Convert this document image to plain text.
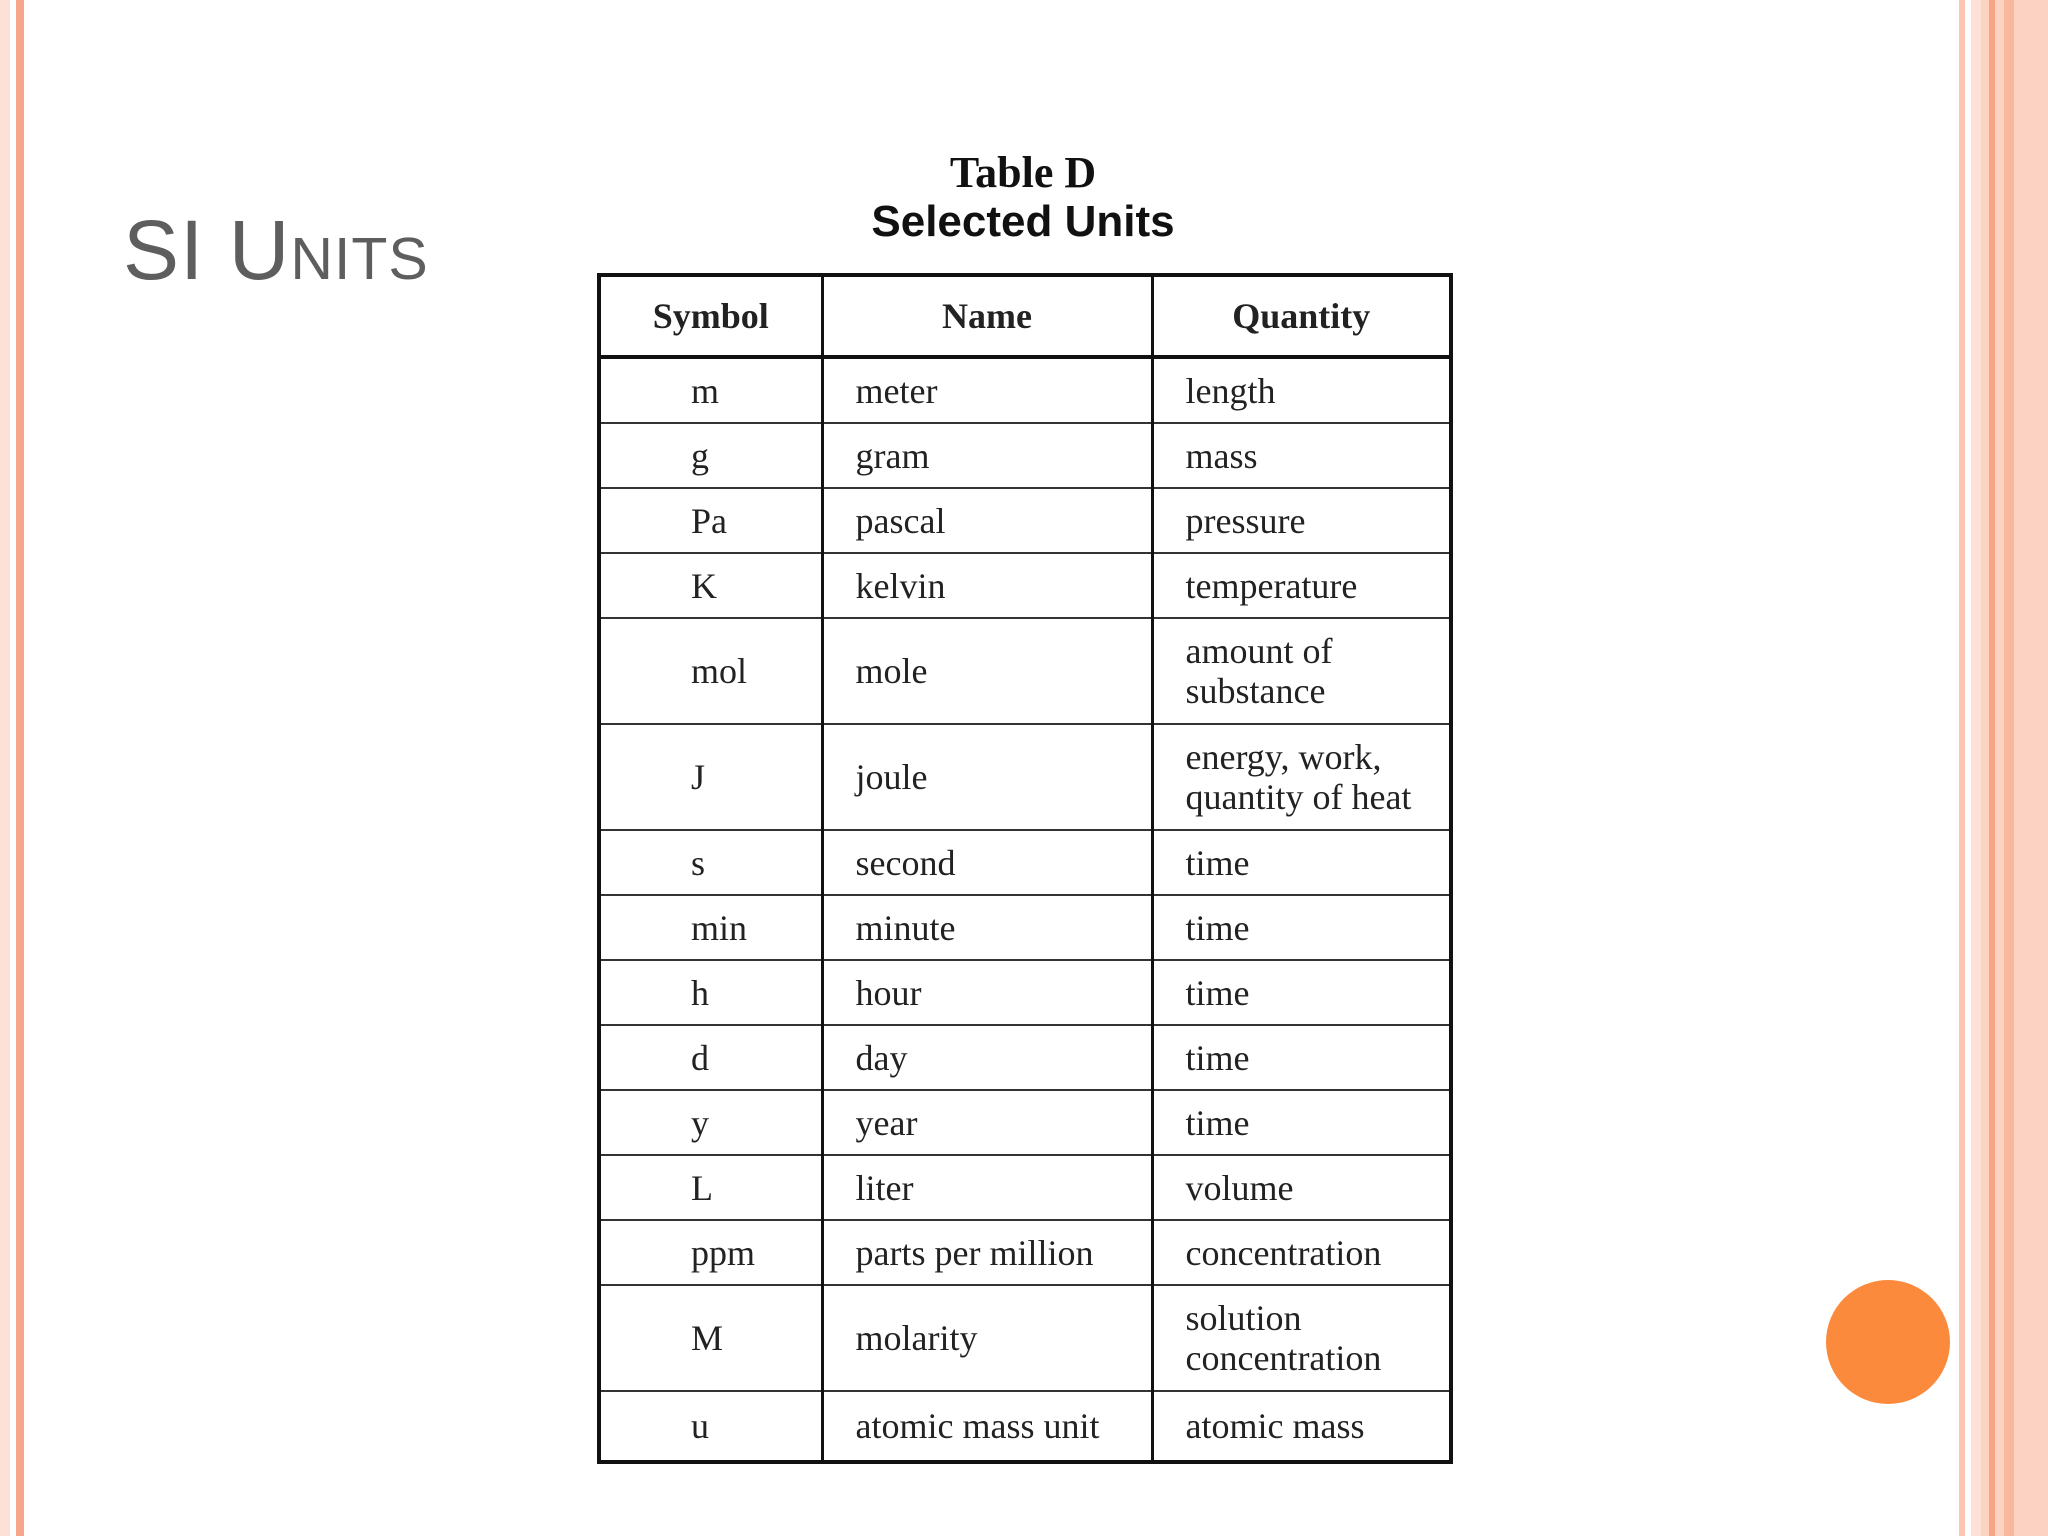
SI Units
Table D
Selected Units
Symbol	Name	Quantity
m	meter	length
g	gram	mass
Pa	pascal	pressure
K	kelvin	temperature
mol	mole	amount of substance
J	joule	energy, work, quantity of heat
s	second	time
min	minute	time
h	hour	time
d	day	time
y	year	time
L	liter	volume
ppm	parts per million	concentration
M	molarity	solution concentration
u	atomic mass unit	atomic mass
